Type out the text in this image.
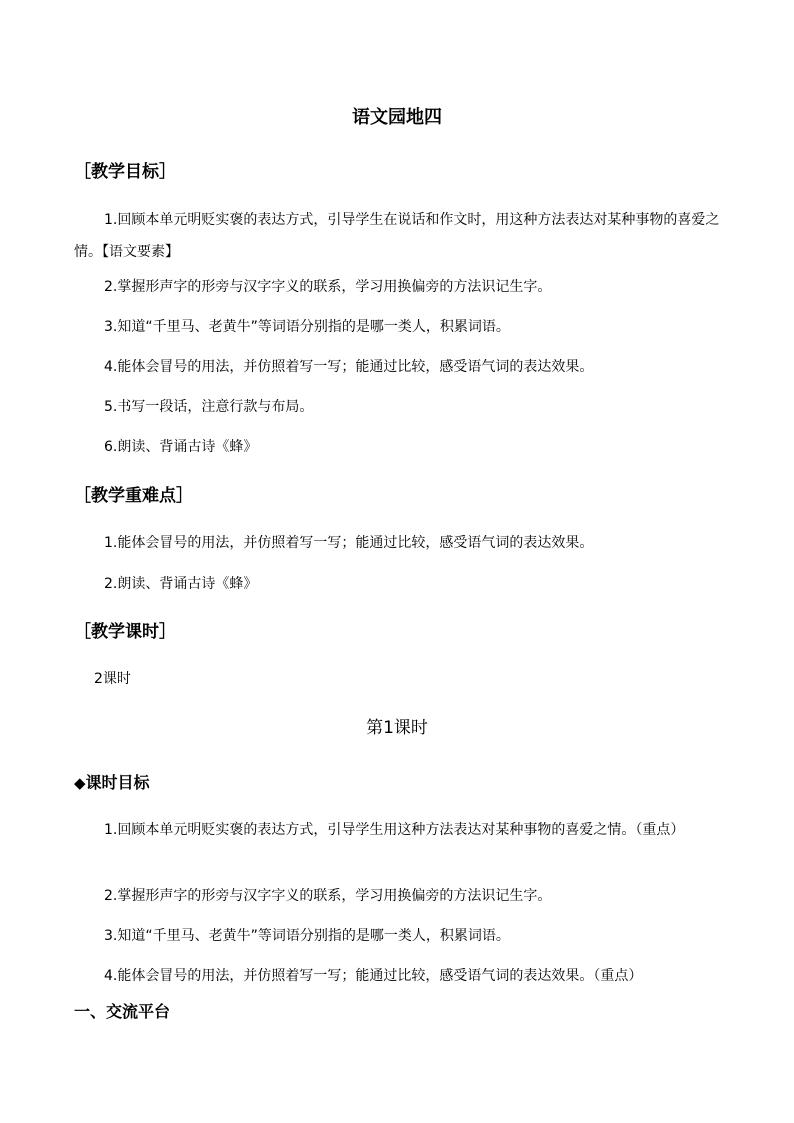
语文园地四
［教学目标］
1.回顾本单元明贬实褒的表达方式，引导学生在说话和作文时，用这种方法表达对某种事物的喜爱之情。【语文要素】
2.掌握形声字的形旁与汉字字义的联系，学习用换偏旁的方法识记生字。
3.知道“千里马、老黄牛”等词语分别指的是哪一类人，积累词语。
4.能体会冒号的用法，并仿照着写一写；能通过比较，感受语气词的表达效果。
5.书写一段话，注意行款与布局。
6.朗读、背诵古诗《蜂》
［教学重难点］
1.能体会冒号的用法，并仿照着写一写；能通过比较，感受语气词的表达效果。
2.朗读、背诵古诗《蜂》
［教学课时］
2课时
第1课时
◆课时目标
1.回顾本单元明贬实褒的表达方式，引导学生用这种方法表达对某种事物的喜爱之情。（重点）
2.掌握形声字的形旁与汉字字义的联系，学习用换偏旁的方法识记生字。
3.知道“千里马、老黄牛”等词语分别指的是哪一类人，积累词语。
4.能体会冒号的用法，并仿照着写一写；能通过比较，感受语气词的表达效果。（重点）
一、交流平台
